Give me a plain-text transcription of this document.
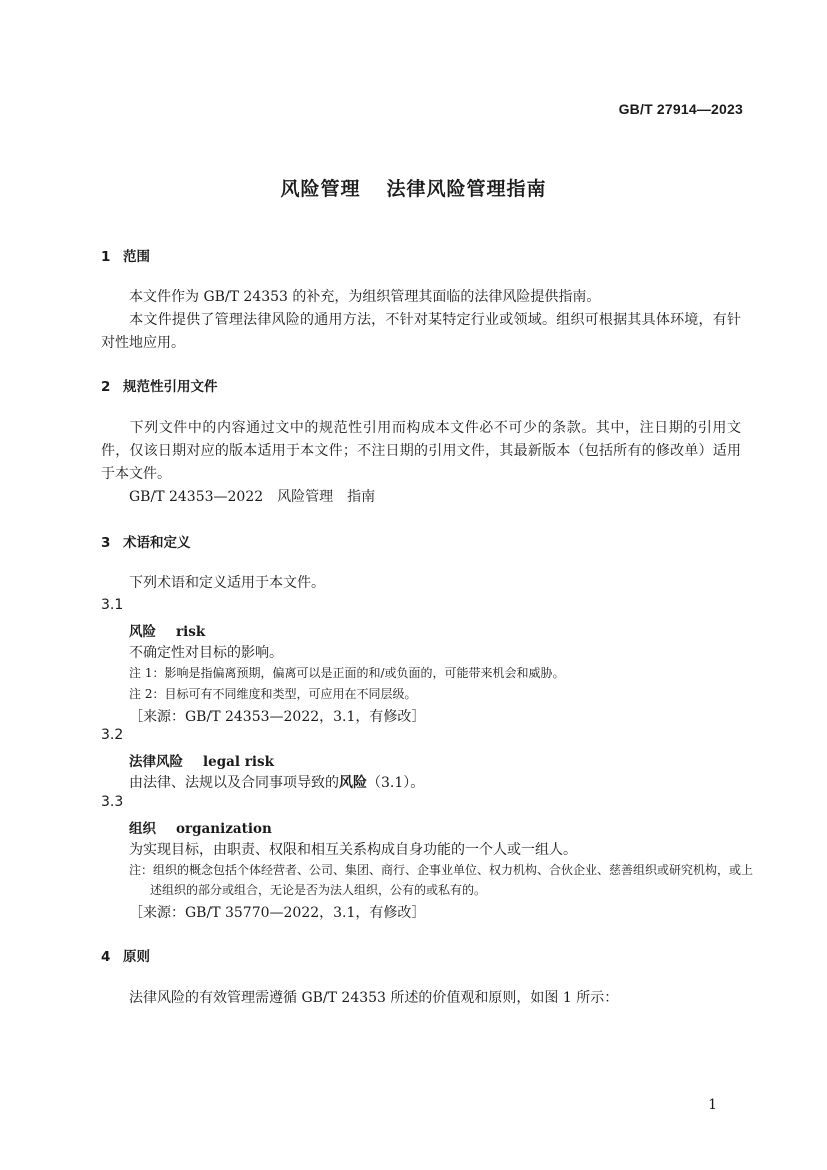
GB/T 27914—2023
风险管理 法律风险管理指南
1 范围
本文件作为 GB/T 24353 的补充，为组织管理其面临的法律风险提供指南。
本文件提供了管理法律风险的通用方法，不针对某特定行业或领域。组织可根据其具体环境，有针对性地应用。
2 规范性引用文件
下列文件中的内容通过文中的规范性引用而构成本文件必不可少的条款。其中，注日期的引用文件，仅该日期对应的版本适用于本文件；不注日期的引用文件，其最新版本（包括所有的修改单）适用于本文件。
GB/T 24353—2022　风险管理　指南
3 术语和定义
下列术语和定义适用于本文件。
3.1
风险 risk
不确定性对目标的影响。
注 1：影响是指偏离预期，偏离可以是正面的和/或负面的，可能带来机会和威胁。
注 2：目标可有不同维度和类型，可应用在不同层级。
［来源：GB/T 24353—2022，3.1，有修改］
3.2
法律风险 legal risk
由法律、法规以及合同事项导致的风险（3.1）。
3.3
组织 organization
为实现目标，由职责、权限和相互关系构成自身功能的一个人或一组人。
注：组织的概念包括个体经营者、公司、集团、商行、企事业单位、权力机构、合伙企业、慈善组织或研究机构，或上述组织的部分或组合，无论是否为法人组织，公有的或私有的。
［来源：GB/T 35770—2022，3.1，有修改］
4 原则
法律风险的有效管理需遵循 GB/T 24353 所述的价值观和原则，如图 1 所示：
1
